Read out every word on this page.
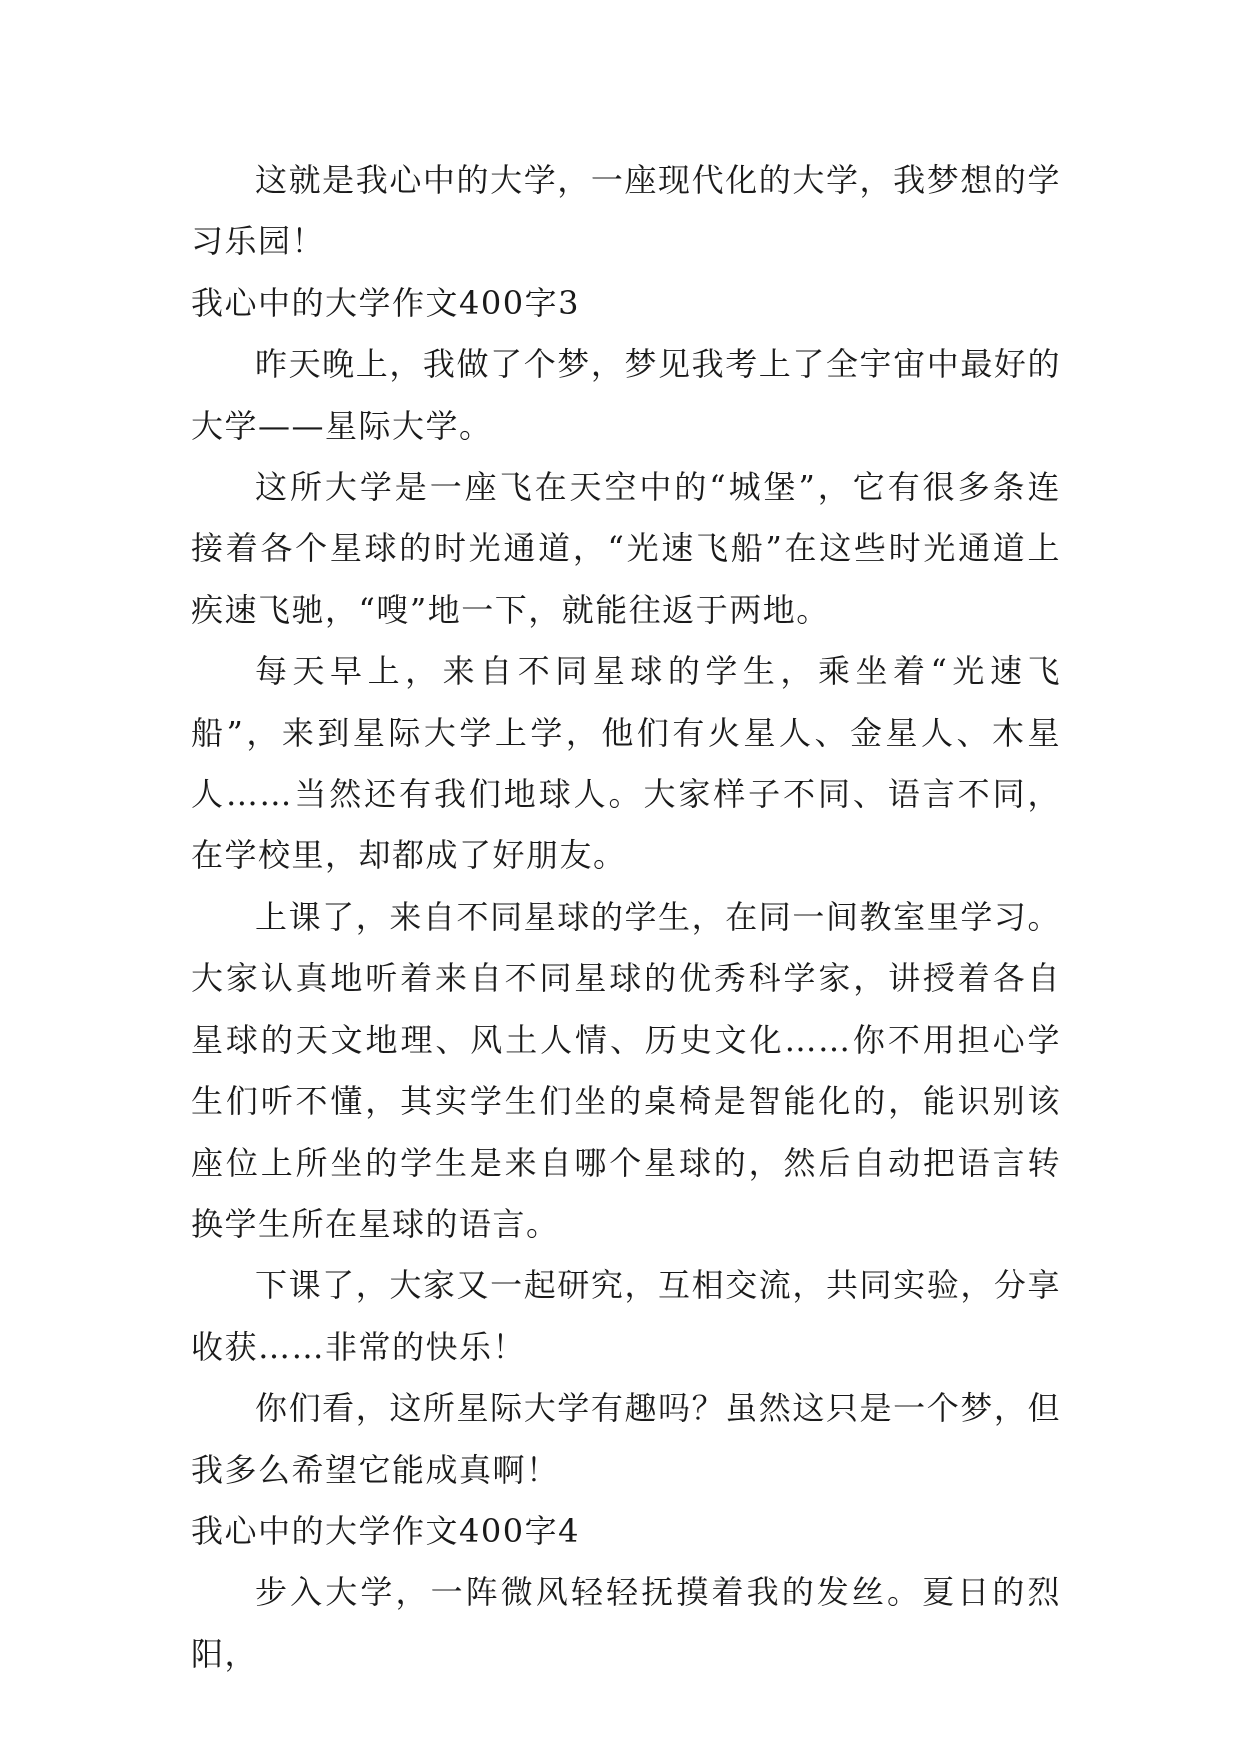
这就是我心中的大学，一座现代化的大学，我梦想的学习乐园！

我心中的大学作文400字3

昨天晚上，我做了个梦，梦见我考上了全宇宙中最好的大学——星际大学。

这所大学是一座飞在天空中的“城堡”，它有很多条连接着各个星球的时光通道，“光速飞船”在这些时光通道上疾速飞驰，“嗖”地一下，就能往返于两地。

每天早上，来自不同星球的学生，乘坐着“光速飞船”，来到星际大学上学，他们有火星人、金星人、木星人……当然还有我们地球人。大家样子不同、语言不同，在学校里，却都成了好朋友。

上课了，来自不同星球的学生，在同一间教室里学习。大家认真地听着来自不同星球的优秀科学家，讲授着各自星球的天文地理、风土人情、历史文化……你不用担心学生们听不懂，其实学生们坐的桌椅是智能化的，能识别该座位上所坐的学生是来自哪个星球的，然后自动把语言转换学生所在星球的语言。

下课了，大家又一起研究，互相交流，共同实验，分享收获……非常的快乐！

你们看，这所星际大学有趣吗？虽然这只是一个梦，但我多么希望它能成真啊！

我心中的大学作文400字4

步入大学，一阵微风轻轻抚摸着我的发丝。夏日的烈阳，
